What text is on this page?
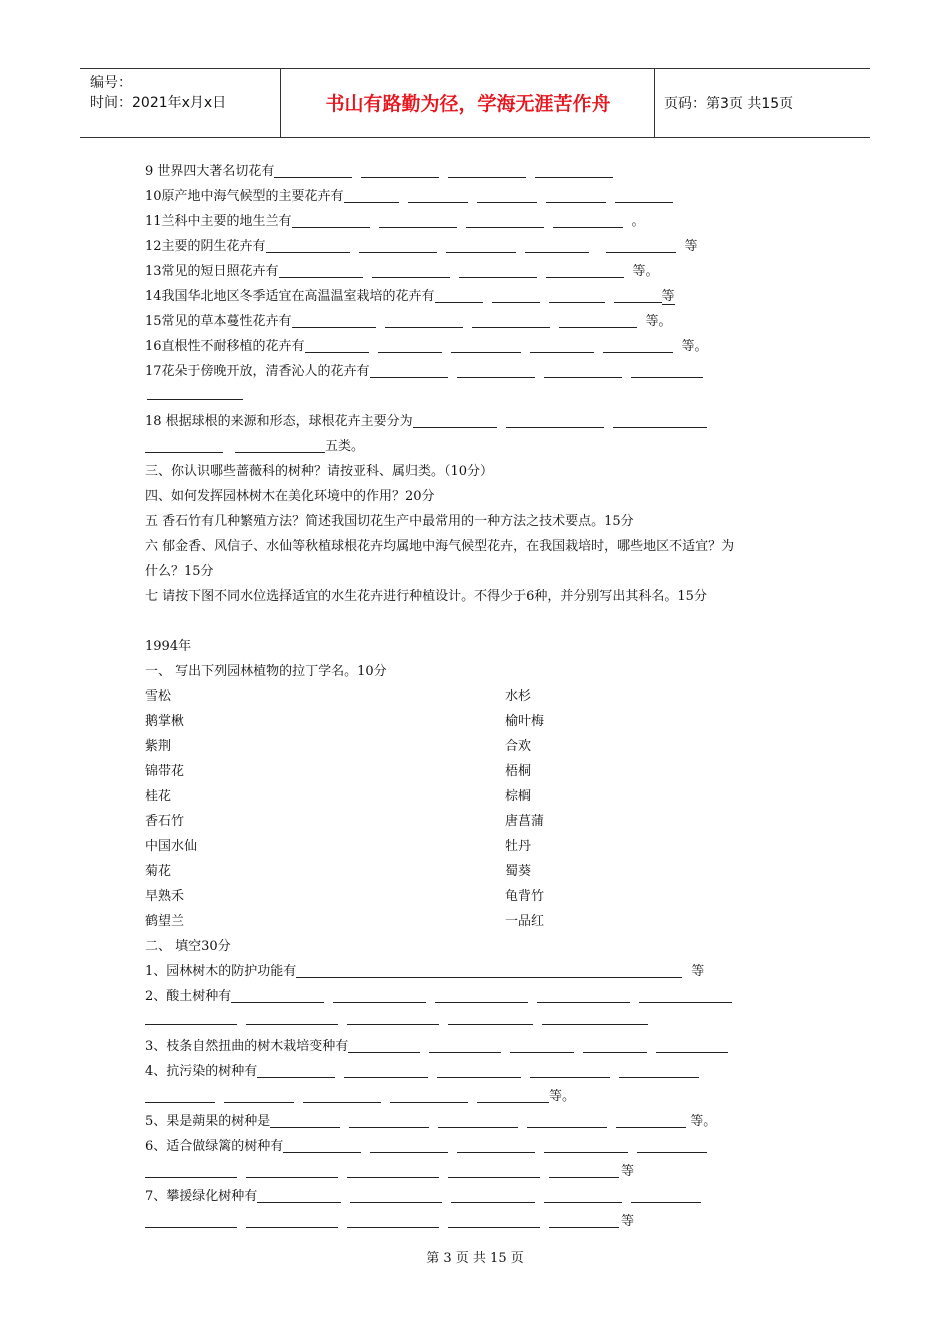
编号：
时间：2021年x月x日	书山有路勤为径，学海无涯苦作舟	页码：第3页 共15页
9 世界四大著名切花有
10原产地中海气候型的主要花卉有
11兰科中主要的地生兰有	。
12主要的阴生花卉有	等
13常见的短日照花卉有	等。
14我国华北地区冬季适宜在高温温室栽培的花卉有	等
15常见的草本蔓性花卉有	等。
16直根性不耐移植的花卉有	等。
17花朵于傍晚开放，清香沁人的花卉有
18 根据球根的来源和形态，球根花卉主要分为
五类。
三、你认识哪些蔷薇科的树种？请按亚科、属归类。（10分）
四、如何发挥园林树木在美化环境中的作用？20分
五 香石竹有几种繁殖方法？简述我国切花生产中最常用的一种方法之技术要点。15分
六 郁金香、风信子、水仙等秋植球根花卉均属地中海气候型花卉，在我国栽培时，哪些地区不适宜？为
什么？15分
七 请按下图不同水位选择适宜的水生花卉进行种植设计。不得少于6种，并分别写出其科名。15分
1994年
一、 写出下列园林植物的拉丁学名。10分
雪松	水杉
鹅掌楸	榆叶梅
紫荆	合欢
锦带花	梧桐
桂花	棕榈
香石竹	唐菖蒲
中国水仙	牡丹
菊花	蜀葵
早熟禾	龟背竹
鹤望兰	一品红
二、 填空30分
1、园林树木的防护功能有	等
2、酸土树种有
3、枝条自然扭曲的树木栽培变种有
4、抗污染的树种有
等。
5、果是蒴果的树种是	等。
6、适合做绿篱的树种有
等
7、攀援绿化树种有
等
第 3 页 共 15 页
